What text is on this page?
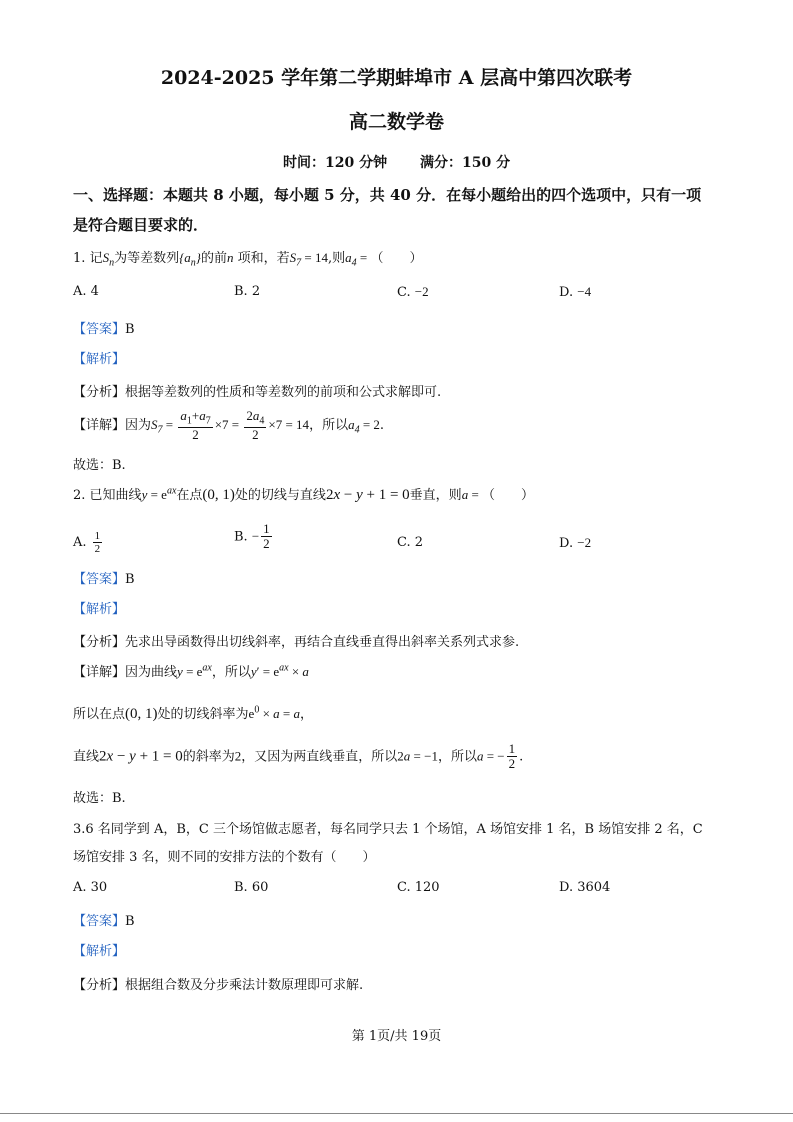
2024-2025 学年第二学期蚌埠市 A 层高中第四次联考
高二数学卷
时间：120 分钟 满分：150 分
一、选择题：本题共 8 小题，每小题 5 分，共 40 分．在每小题给出的四个选项中，只有一项
是符合题目要求的．
1. 记$S_n$为等差数列$\{a_n\}$的前n 项和，若$S_7 = 14$,则$a_4$ = （　　）
A. 4	B. 2	C. −2	D. −4
【答案】B
【解析】
【分析】根据等差数列的性质和等差数列的前项和公式求解即可.
【详解】因为$S_7 = \frac{a_1+a_7}{2} \times 7 = \frac{2a_4}{2} \times 7 = 14$，所以$a_4 = 2$.
故选：B.
2. 已知曲线$y = e^{ax}$在点(0, 1)处的切线与直线2x − y + 1 = 0垂直，则a = （　　）
A. $\frac{1}{2}$	B. − $\frac{1}{2}$	C. 2	D. −2
【答案】B
【解析】
【分析】先求出导函数得出切线斜率，再结合直线垂直得出斜率关系列式求参.
【详解】因为曲线$y = e^{ax}$，所以$y' = e^{ax} \times a$
所以在点(0, 1)处的切线斜率为$e^0 \times a = a$，
直线2x − y + 1 = 0的斜率为2，又因为两直线垂直，所以2a = −1，所以a = − $\frac{1}{2}$ .
故选：B.
3.6 名同学到 A，B，C 三个场馆做志愿者，每名同学只去 1 个场馆，A 场馆安排 1 名，B 场馆安排 2 名，C
场馆安排 3 名，则不同的安排方法的个数有（　　）
A. 30	B. 60	C. 120	D. 3604
【答案】B
【解析】
【分析】根据组合数及分步乘法计数原理即可求解.
第 1页/共 19页
